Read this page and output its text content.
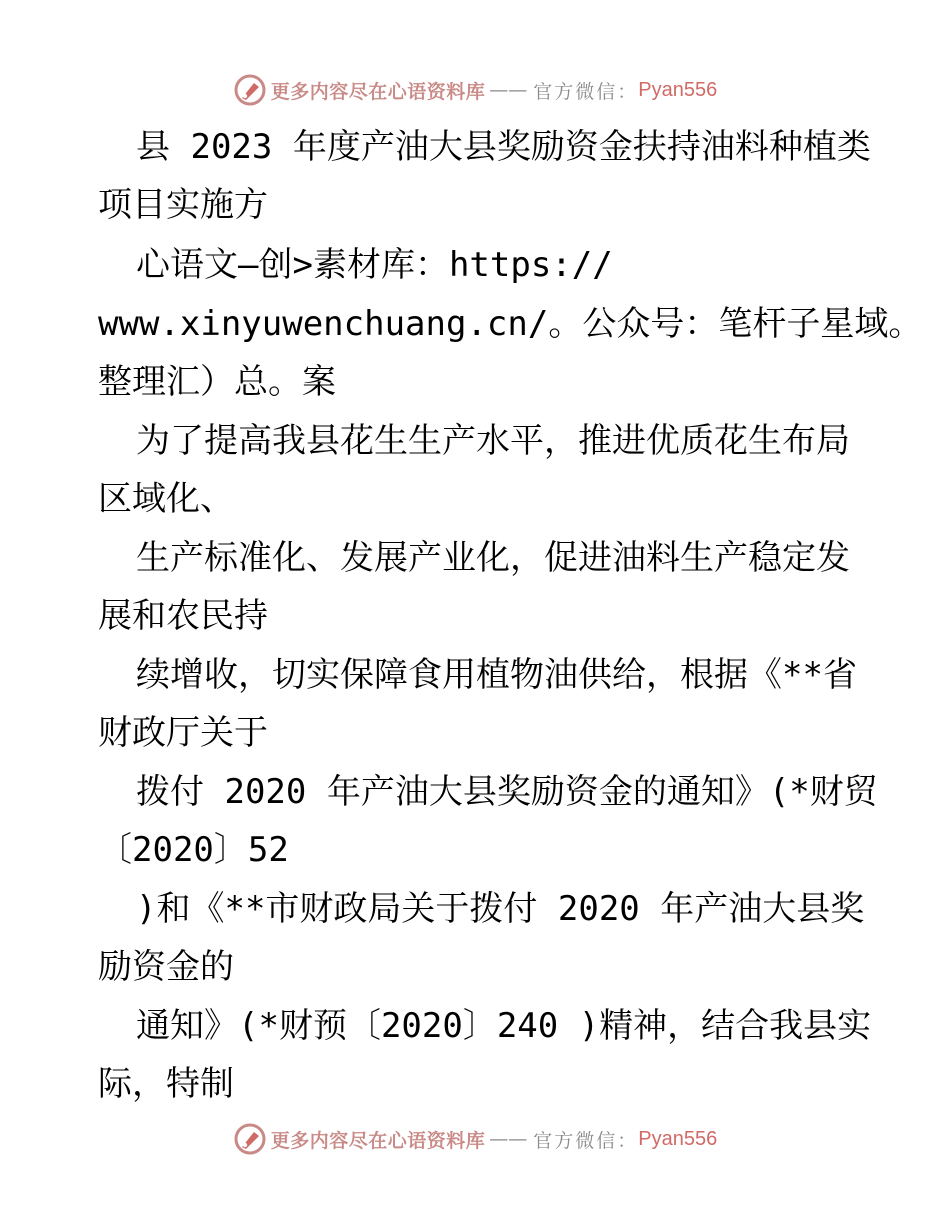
更多内容尽在心语资料库 —— 官方微信： Pyan556
县 2023 年度产油大县奖励资金扶持油料种植类
项目实施方
心语文—创>素材库：https://
www.xinyuwenchuang.cn/。公众号：笔杆子星域。
整理汇）总。案
为了提高我县花生生产水平，推进优质花生布局
区域化、
生产标准化、发展产业化，促进油料生产稳定发
展和农民持
续增收，切实保障食用植物油供给，根据《**省
财政厅关于
拨付 2020 年产油大县奖励资金的通知》(*财贸
〔2020〕52
)和《**市财政局关于拨付 2020 年产油大县奖
励资金的
通知》(*财预〔2020〕240 )精神，结合我县实
际，特制
更多内容尽在心语资料库 —— 官方微信： Pyan556
